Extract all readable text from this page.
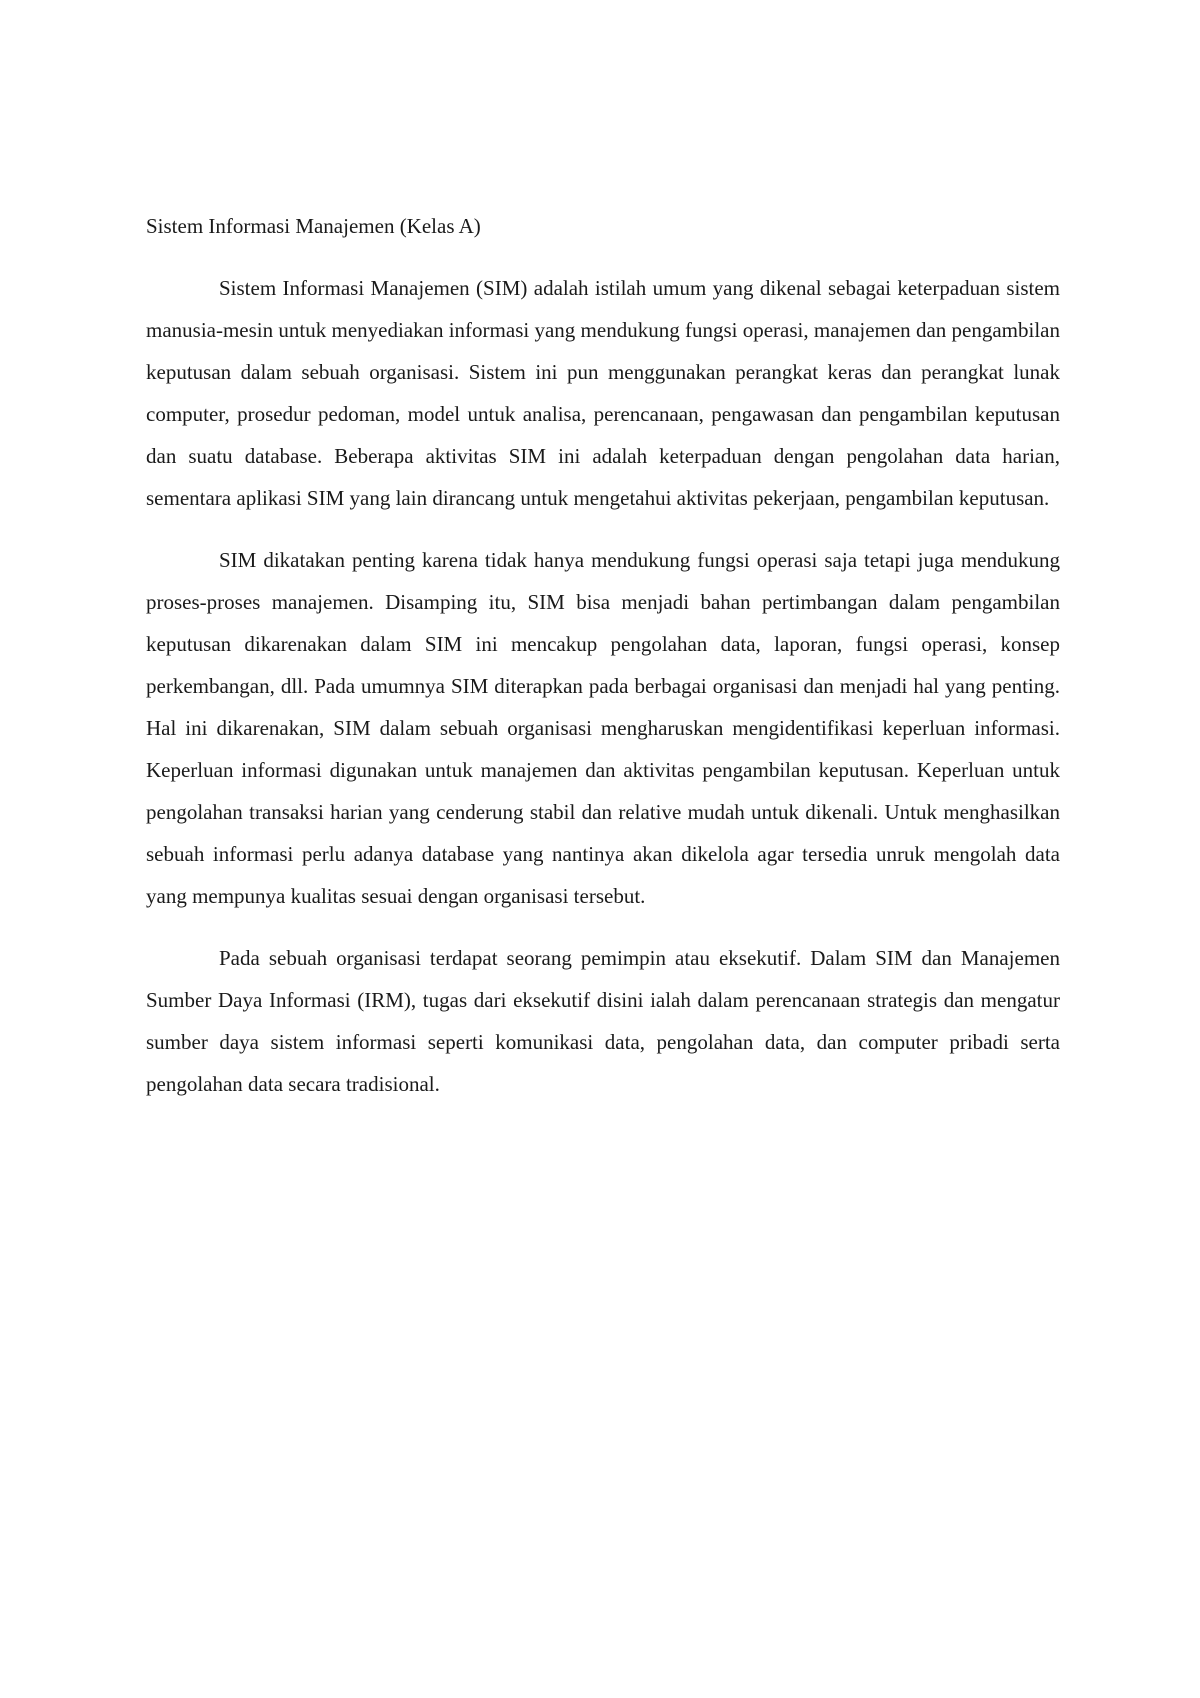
Sistem Informasi Manajemen (Kelas A)

Sistem Informasi Manajemen (SIM) adalah istilah umum yang dikenal sebagai keterpaduan sistem manusia-mesin untuk menyediakan informasi yang mendukung fungsi operasi, manajemen dan pengambilan keputusan dalam sebuah organisasi. Sistem ini pun menggunakan perangkat keras dan perangkat lunak computer, prosedur pedoman, model untuk analisa, perencanaan, pengawasan dan pengambilan keputusan dan suatu database. Beberapa aktivitas SIM ini adalah keterpaduan dengan pengolahan data harian, sementara aplikasi SIM yang lain dirancang untuk mengetahui aktivitas pekerjaan, pengambilan keputusan.

SIM dikatakan penting karena tidak hanya mendukung fungsi operasi saja tetapi juga mendukung proses-proses manajemen. Disamping itu, SIM bisa menjadi bahan pertimbangan dalam pengambilan keputusan dikarenakan dalam SIM ini mencakup pengolahan data, laporan, fungsi operasi, konsep perkembangan, dll. Pada umumnya SIM diterapkan pada berbagai organisasi dan menjadi hal yang penting. Hal ini dikarenakan, SIM dalam sebuah organisasi mengharuskan mengidentifikasi keperluan informasi. Keperluan informasi digunakan untuk manajemen dan aktivitas pengambilan keputusan. Keperluan untuk pengolahan transaksi harian yang cenderung stabil dan relative mudah untuk dikenali. Untuk menghasilkan sebuah informasi perlu adanya database yang nantinya akan dikelola agar tersedia unruk mengolah data yang mempunya kualitas sesuai dengan organisasi tersebut.

Pada sebuah organisasi terdapat seorang pemimpin atau eksekutif. Dalam SIM dan Manajemen Sumber Daya Informasi (IRM), tugas dari eksekutif disini ialah dalam perencanaan strategis dan mengatur sumber daya sistem informasi seperti komunikasi data, pengolahan data, dan computer pribadi serta pengolahan data secara tradisional.
